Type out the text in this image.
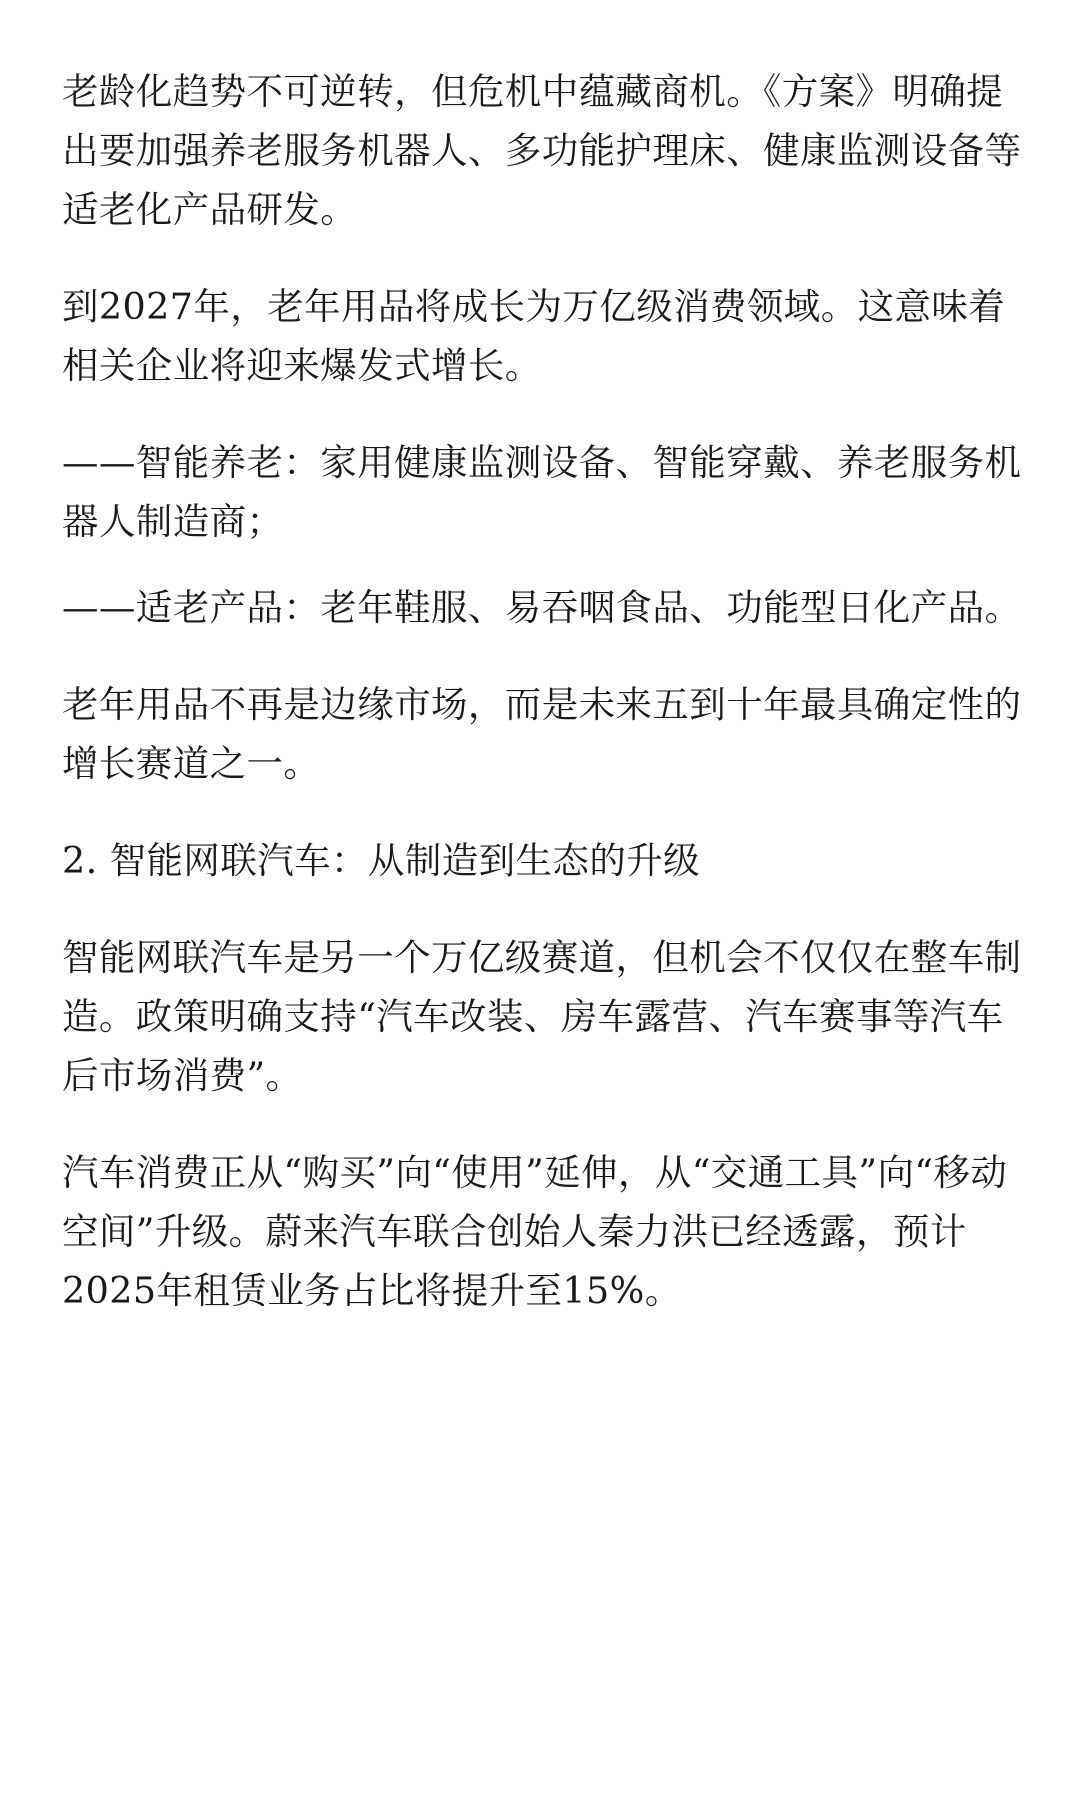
老龄化趋势不可逆转，但危机中蕴藏商机。《方案》明确提出要加强养老服务机器人、多功能护理床、健康监测设备等适老化产品研发。

到2027年，老年用品将成长为万亿级消费领域。这意味着相关企业将迎来爆发式增长。

——智能养老：家用健康监测设备、智能穿戴、养老服务机器人制造商；

——适老产品：老年鞋服、易吞咽食品、功能型日化产品。

老年用品不再是边缘市场，而是未来五到十年最具确定性的增长赛道之一。

2. 智能网联汽车：从制造到生态的升级

智能网联汽车是另一个万亿级赛道，但机会不仅仅在整车制造。政策明确支持“汽车改装、房车露营、汽车赛事等汽车后市场消费”。

汽车消费正从“购买”向“使用”延伸，从“交通工具”向“移动空间”升级。蔚来汽车联合创始人秦力洪已经透露，预计2025年租赁业务占比将提升至15%。
